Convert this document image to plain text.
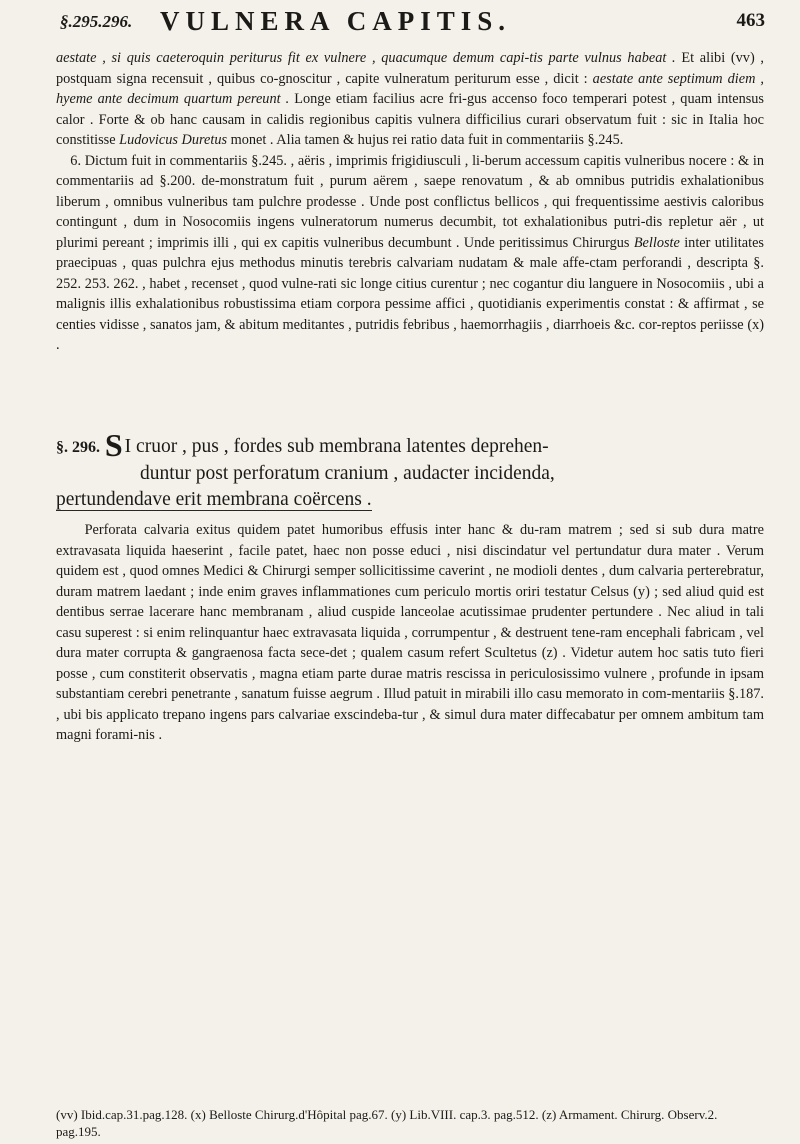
§.295.296. VULNERA CAPITIS.	463

aestate , si quis caeteroquin periturus fit ex vulnere , quacumque demum capi-tis parte vulnus habeat . Et alibi (vv) , postquam signa recensuit , quibus co-gnoscitur , capite vulneratum periturum esse , dicit : aestate ante septimum diem , hyeme ante decimum quartum pereunt . Longe etiam facilius acre fri-gus accenso foco temperari potest , quam intensus calor . Forte & ob hanc causam in calidis regionibus capitis vulnera difficilius curari observatum fuit : sic in Italia hoc constitisse Ludovicus Duretus monet . Alia tamen & hujus rei ratio data fuit in commentariis §.245.

6. Dictum fuit in commentariis §.245. , aëris , imprimis frigidiusculi , li-berum accessum capitis vulneribus nocere : & in commentariis ad §.200. de-monstratum fuit , purum aërem , saepe renovatum , & ab omnibus putridis exhalationibus liberum , omnibus vulneribus tam pulchre prodesse . Unde post conflictus bellicos , qui frequentissime aestivis caloribus contingunt , dum in Nosocomiis ingens vulneratorum numerus decumbit, tot exhalationibus putri-dis repletur aër , ut plurimi pereant ; imprimis illi , qui ex capitis vulneribus decumbunt . Unde peritissimus Chirurgus Belloste inter utilitates praecipuas , quas pulchra ejus methodus minutis terebris calvariam nudatam & male affe-ctam perforandi , descripta §. 252. 253. 262. , habet , recenset , quod vulne-rati sic longe citius curentur ; nec cogantur diu languere in Nosocomiis , ubi a malignis illis exhalationibus robustissima etiam corpora pessime affici , quotidianis experimentis constat : & affirmat , se centies vidisse , sanatos jam, & abitum meditantes , putridis febribus , haemorrhagiis , diarrhoeis &c. cor-reptos periisse (x) .

§. 296. S I cruor , pus , fordes sub membrana latentes deprehen-
duntur post perforatum cranium , audacter incidenda,
pertundendave erit membrana coërcens .

Perforata calvaria exitus quidem patet humoribus effusis inter hanc & du-ram matrem ; sed si sub dura matre extravasata liquida haeserint , facile patet, haec non posse educi , nisi discindatur vel pertundatur dura mater . Verum quidem est , quod omnes Medici & Chirurgi semper sollicitissime caverint , ne modioli dentes , dum calvaria perterebratur, duram matrem laedant ; inde enim graves inflammationes cum periculo mortis oriri testatur Celsus (y) ; sed aliud quid est dentibus serrae lacerare hanc membranam , aliud cuspide lanceolae acutissimae prudenter pertundere . Nec aliud in tali casu superest : si enim relinquantur haec extravasata liquida , corrumpentur , & destruent tene-ram encephali fabricam , vel dura mater corrupta & gangraenosa facta sece-det ; qualem casum refert Scultetus (z) . Videtur autem hoc satis tuto fieri posse , cum constiterit observatis , magna etiam parte durae matris rescissa in periculosissimo vulnere , profunde in ipsam substantiam cerebri penetrante , sanatum fuisse aegrum . Illud patuit in mirabili illo casu memorato in com-mentariis §.187. , ubi bis applicato trepano ingens pars calvariae exscindeba-tur , & simul dura mater diffecabatur per omnem ambitum tam magni forami-nis .

(vv) Ibid.cap.31.pag.128. (x) Belloste Chirurg.d'Hôpital pag.67. (y) Lib.VIII. cap.3. pag.512. (z) Armament. Chirurg. Observ.2. pag.195.
